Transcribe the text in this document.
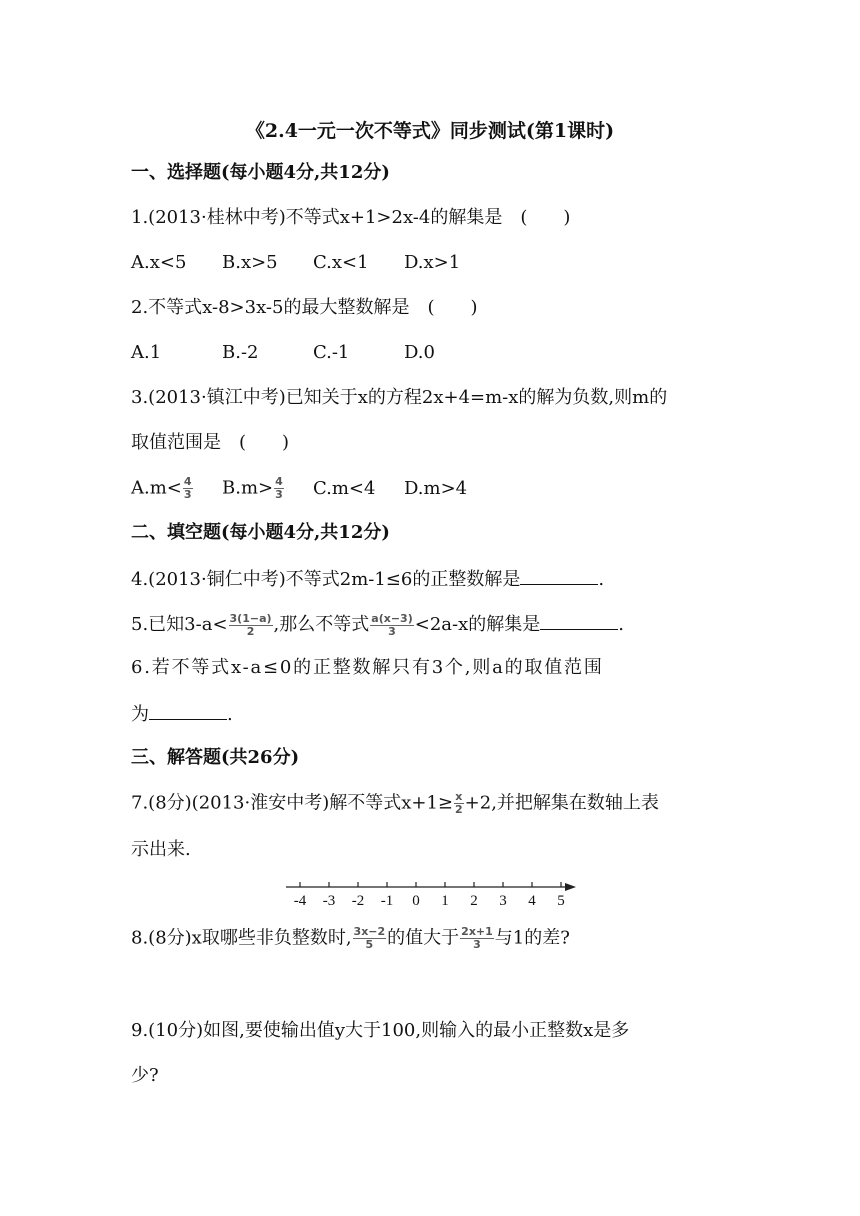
《2.4一元一次不等式》同步测试(第1课时)
一、选择题(每小题4分,共12分)
1.(2013·桂林中考)不等式x+1>2x-4的解集是　(　　)
A.x<5 B.x>5 C.x<1 D.x>1
2.不等式x-8>3x-5的最大整数解是　(　　)
A.1	B.-2	C.-1	D.0
3.(2013·镇江中考)已知关于x的方程2x+4=m-x的解为负数,则m的
取值范围是　(　　)
$A.m< \frac{4}{3} B.m> \frac{4}{3} C.m<4$ D.m>4
二、填空题(每小题4分,共12分)
4.(2013·铜仁中考)不等式2m-1≤6的正整数解是	.
5.已知$3-a< \frac{3(1-a)}{2}$ ,那么不等式 $\frac{a(x-3)}{3} <2a-x$的解集是	.
6.若不等式x-a≤0的正整数解只有3个,则a的取值范围
为	.
三、解答题(共26分)
7.(8分)(2013·淮安中考)解不等式$x+1\ge \frac{x}{2} +2$,并把解集在数轴上表
示出来.
-4 -3 -2 -1 0 1 2 3 4 5
8.(8分)x取哪些非负整数时, $\frac{3x-2}{5}$ 的值大于 $\frac{2x+1}{3}$ 与1的差?
9.(10分)如图,要使输出值y大于100,则输入的最小正整数x是多
少?
